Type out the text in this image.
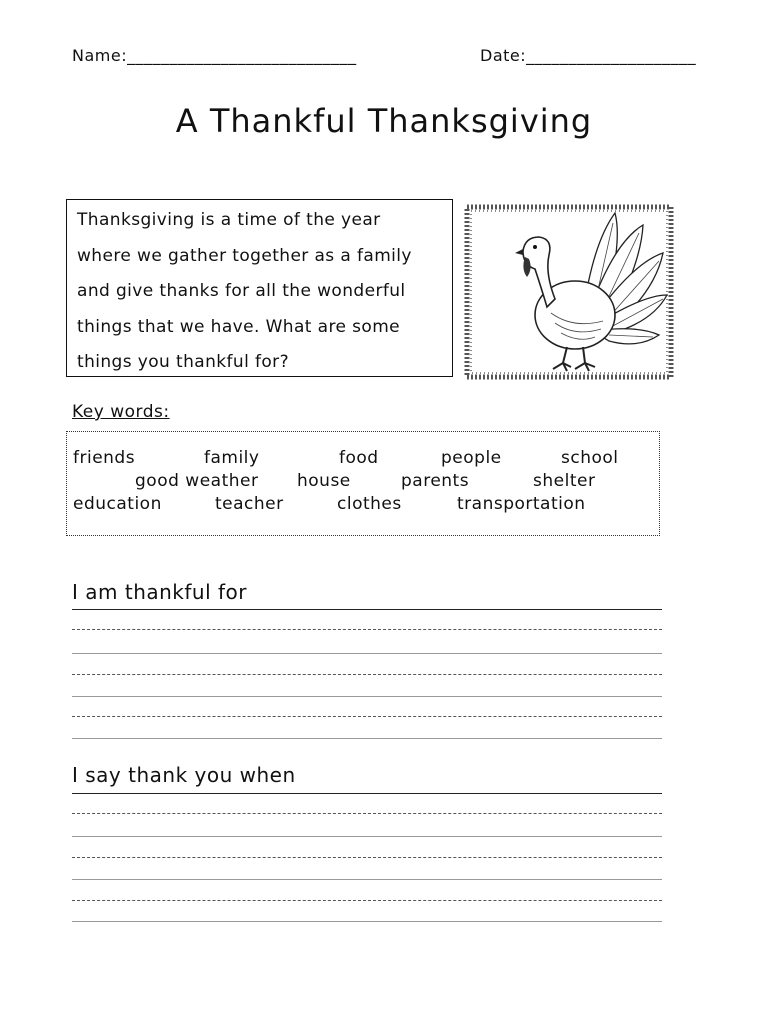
Name:___________________________	Date:____________________
A Thankful Thanksgiving
Thanksgiving is a time of the year
where we gather together as a family
and give thanks for all the wonderful
things that we have. What are some
things you thankful for?
Key words:
friends	family	food	people	school
good weather house	parents	shelter
education	teacher	clothes	transportation
I am thankful for
I say thank you when
